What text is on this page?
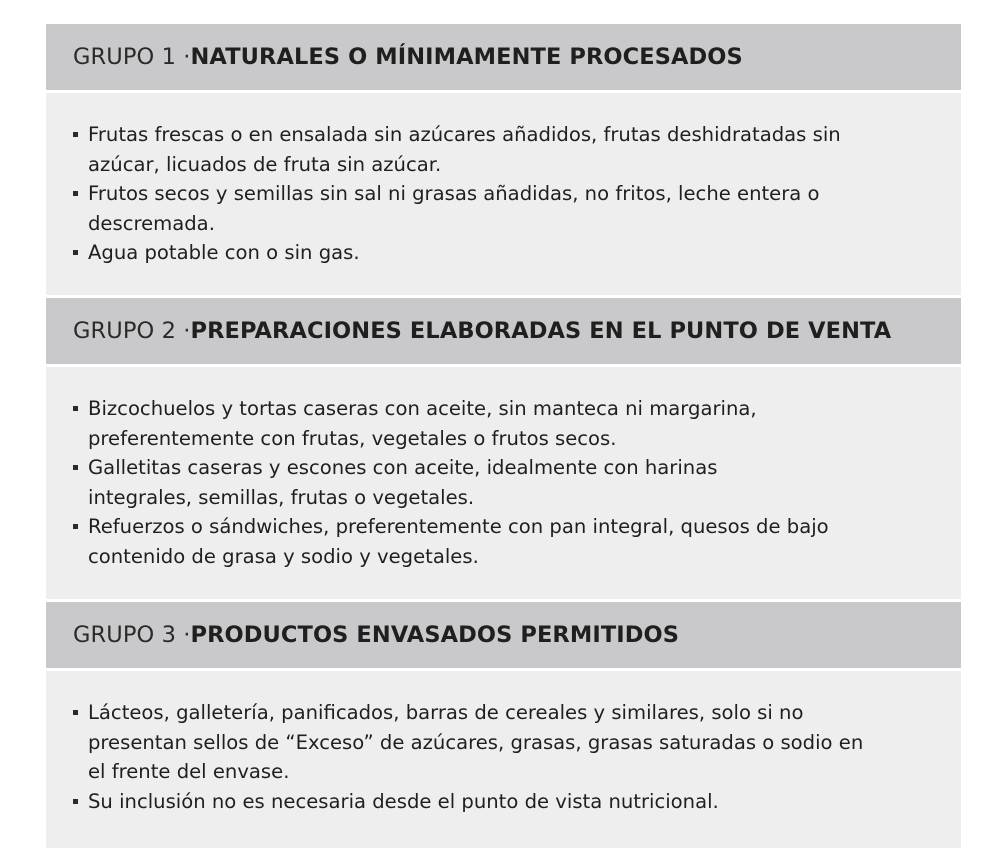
GRUPO 1 · NATURALES O MÍNIMAMENTE PROCESADOS
Frutas frescas o en ensalada sin azúcares añadidos, frutas deshidratadas sin azúcar, licuados de fruta sin azúcar.
Frutos secos y semillas sin sal ni grasas añadidas, no fritos, leche entera o descremada.
Agua potable con o sin gas.
GRUPO 2 · PREPARACIONES ELABORADAS EN EL PUNTO DE VENTA
Bizcochuelos y tortas caseras con aceite, sin manteca ni margarina, preferentemente con frutas, vegetales o frutos secos.
Galletitas caseras y escones con aceite, idealmente con harinas integrales, semillas, frutas o vegetales.
Refuerzos o sándwiches, preferentemente con pan integral, quesos de bajo contenido de grasa y sodio y vegetales.
GRUPO 3 · PRODUCTOS ENVASADOS PERMITIDOS
Lácteos, galletería, panificados, barras de cereales y similares, solo si no presentan sellos de “Exceso” de azúcares, grasas, grasas saturadas o sodio en el frente del envase.
Su inclusión no es necesaria desde el punto de vista nutricional.
